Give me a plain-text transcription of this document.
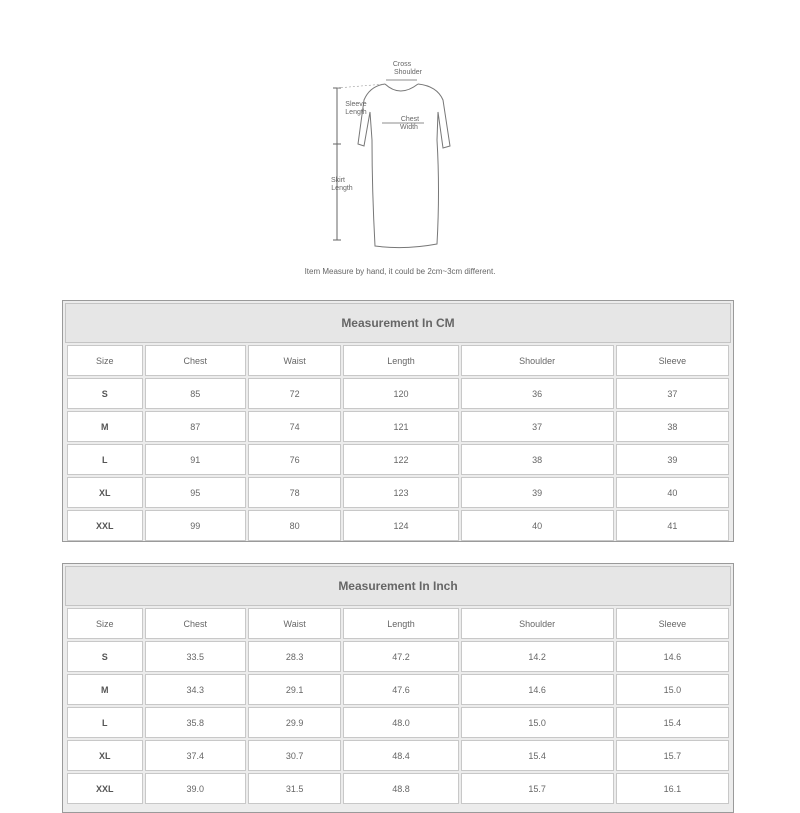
Cross
Shoulder
Sleeve
Length
Chest
Width
Skirt
Length
Item Measure by hand, it could be 2cm~3cm different.
Measurement In CM
Size	Chest	Waist	Length	Shoulder	Sleeve
S	85	72	120	36	37
M	87	74	121	37	38
L	91	76	122	38	39
XL	95	78	123	39	40
XXL	99	80	124	40	41
Measurement In Inch
Size	Chest	Waist	Length	Shoulder	Sleeve
S	33.5	28.3	47.2	14.2	14.6
M	34.3	29.1	47.6	14.6	15.0
L	35.8	29.9	48.0	15.0	15.4
XL	37.4	30.7	48.4	15.4	15.7
XXL	39.0	31.5	48.8	15.7	16.1
